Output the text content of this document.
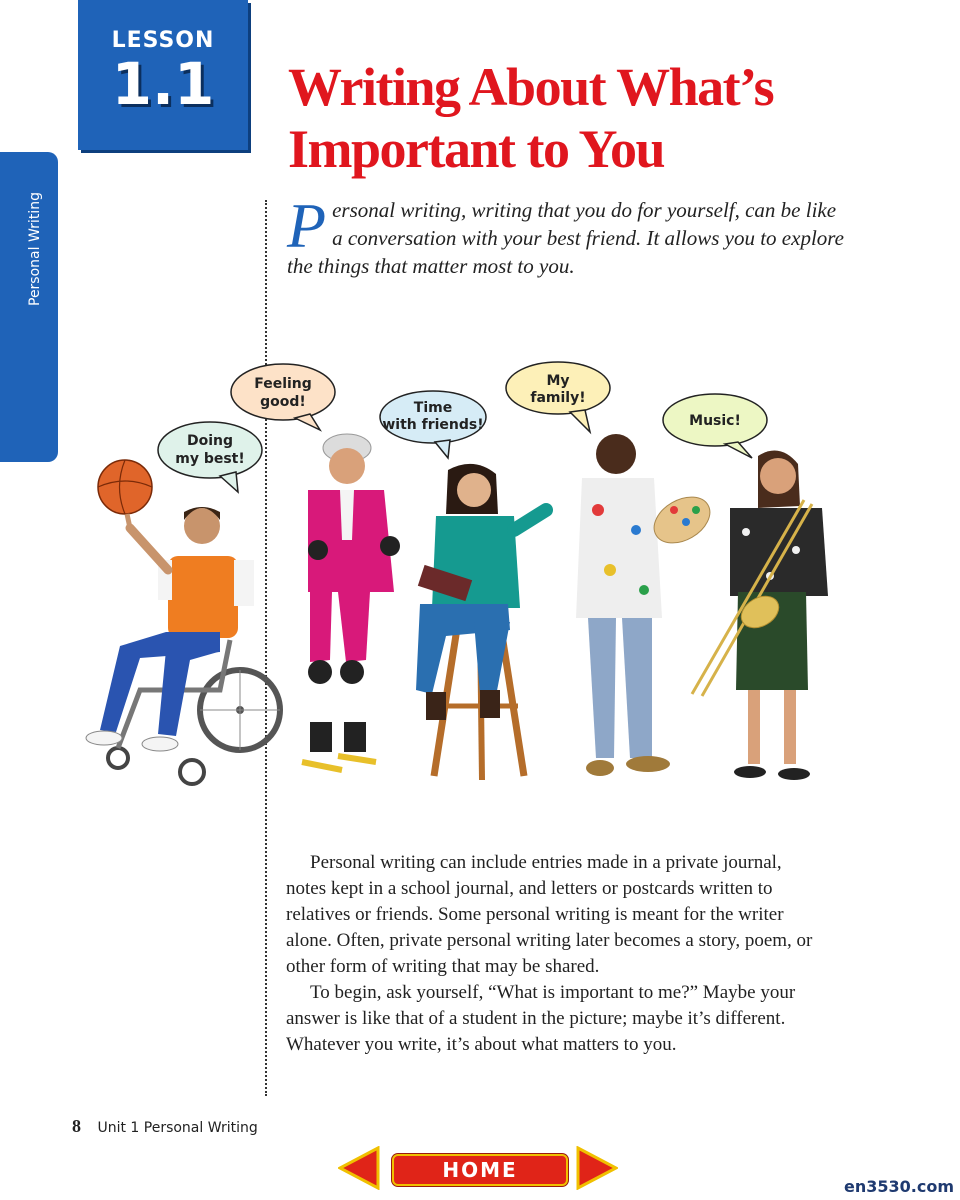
LESSON
1.1
Personal Writing
Writing About What’s Important to You

Personal writing, writing that you do for yourself, can be like a conversation with your best friend. It allows you to explore the things that matter most to you.

Doing
my best!
Feeling
good!	Time
with friends!
My
family!
Music!

Personal writing can include entries made in a private journal, notes kept in a school journal, and letters or postcards written to relatives or friends. Some personal writing is meant for the writer alone. Often, private personal writing later becomes a story, poem, or other form of writing that may be shared.

To begin, ask yourself, “What is important to me?” Maybe your answer is like that of a student in the picture; maybe it’s different. Whatever you write, it’s about what matters to you.

8 Unit 1 Personal Writing
HOME
en3530.com
